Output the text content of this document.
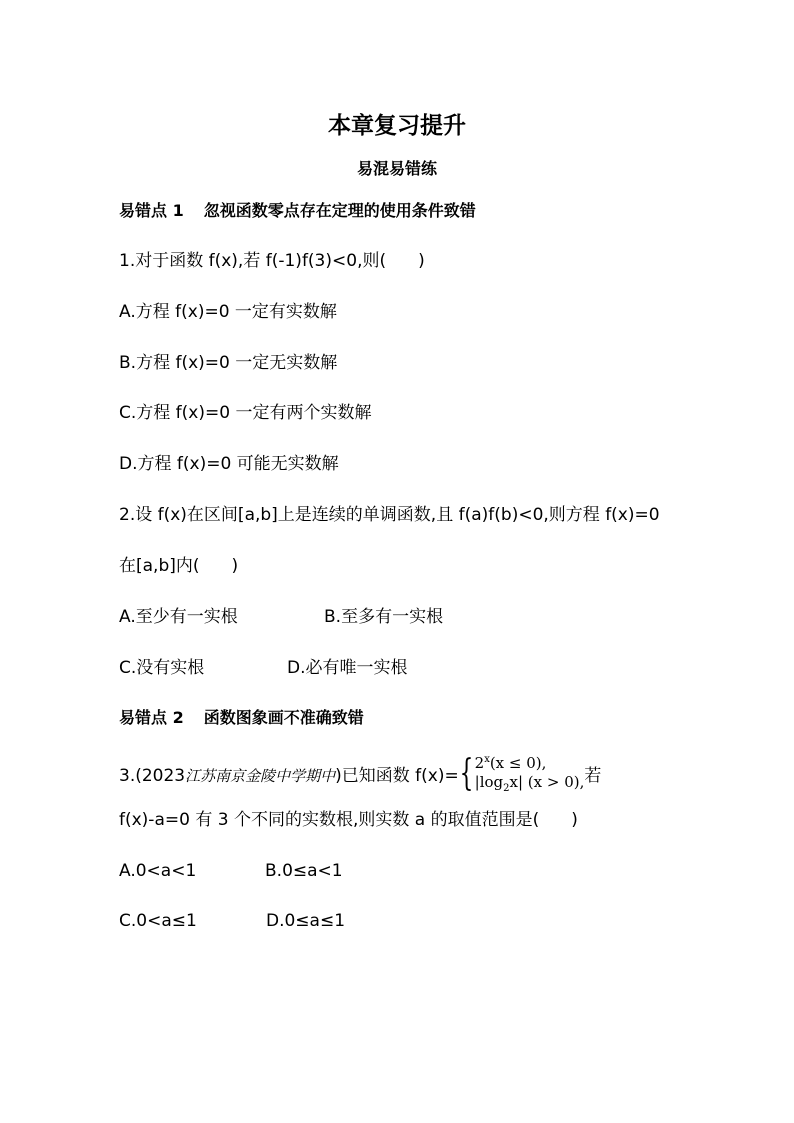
本章复习提升
易混易错练
易错点 1 忽视函数零点存在定理的使用条件致错
1.对于函数 f(x),若 f(-1)f(3)<0,则( )
A.方程 f(x)=0 一定有实数解
B.方程 f(x)=0 一定无实数解
C.方程 f(x)=0 一定有两个实数解
D.方程 f(x)=0 可能无实数解
2.设 f(x)在区间[a,b]上是连续的单调函数,且 f(a)f(b)<0,则方程 f(x)=0
在[a,b]内( )
A.至少有一实根	B.至多有一实根
C.没有实根	D.必有唯一实根
易错点 2 函数图象画不准确致错
3.(2023江苏南京金陵中学期中)已知函数 f(x)={ $2^x(x \le 0)$,
$|\log_2x|$ (x > 0), 若
f(x)-a=0 有 3 个不同的实数根,则实数 a 的取值范围是( )
A.0<a<1	B.0≤a<1
C.0<a≤1	D.0≤a≤1
